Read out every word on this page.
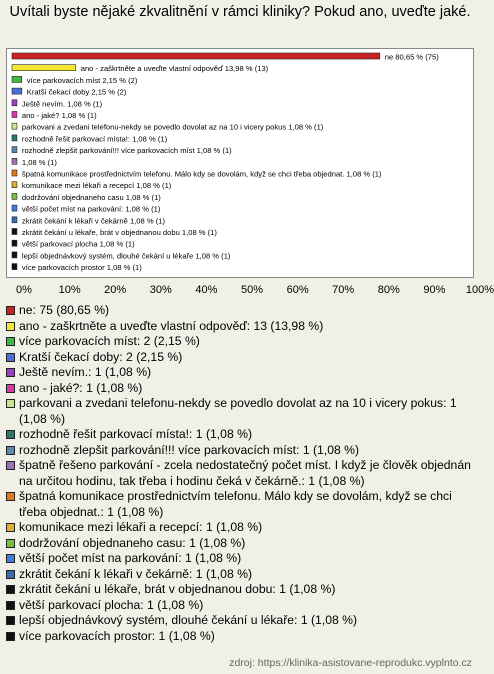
Uvítali byste nějaké zkvalitnění v rámci kliniky? Pokud ano, uveďte jaké.
ne 80,65 % (75)
ano - zaškrtněte a uveďte vlastní odpověď 13,98 % (13)
více parkovacích míst 2,15 % (2)
Kratší čekací doby 2,15 % (2)
Ještě nevím. 1,08 % (1)
ano - jaké? 1,08 % (1)
parkovani a zvedani telefonu-nekdy se povedlo dovolat az na 10 i vicery pokus 1,08 % (1)
rozhodně řešit parkovací místa!: 1,08 % (1)
rozhodně zlepšit parkování!!! více parkovacích míst 1,08 % (1)
1,08 % (1)
špatná komunikace prostřednictvím telefonu. Málo kdy se dovolám, když se chci třeba objednat. 1,08 % (1)
komunikace mezi lékaři a recepcí 1,08 % (1)
dodržování objednaneho casu 1,08 % (1)
větší počet míst na parkování: 1,08 % (1)
zkrátit čekání k lékaři v čekárně 1,08 % (1)
zkrátit čekání u lékaře, brát v objednanou dobu 1,08 % (1)
větší parkovací plocha 1,08 % (1)
lepší objednávkový systém, dlouhé čekání u lékaře 1,08 % (1)
více parkovacích prostor 1,08 % (1)
0% 10% 20% 30% 40% 50% 60% 70% 80% 90% 100%
ne: 75 (80,65 %)
ano - zaškrtněte a uveďte vlastní odpověď: 13 (13,98 %)
více parkovacích míst: 2 (2,15 %)
Kratší čekací doby: 2 (2,15 %)
Ještě nevím.: 1 (1,08 %)
ano - jaké?: 1 (1,08 %)
parkovani a zvedani telefonu-nekdy se povedlo dovolat az na 10 i vicery pokus: 1 (1,08 %)
rozhodně řešit parkovací místa!: 1 (1,08 %)
rozhodně zlepšit parkování!!! více parkovacích míst: 1 (1,08 %)
špatně řešeno parkování - zcela nedostatečný počet míst. I když je člověk objednán na určitou hodinu, tak třeba i hodinu čeká v čekárně.: 1 (1,08 %)
špatná komunikace prostřednictvím telefonu. Málo kdy se dovolám, když se chci třeba objednat.: 1 (1,08 %)
komunikace mezi lékaři a recepcí: 1 (1,08 %)
dodržování objednaneho casu: 1 (1,08 %)
větší počet míst na parkování: 1 (1,08 %)
zkrátit čekání k lékaři v čekárně: 1 (1,08 %)
zkrátit čekání u lékaře, brát v objednanou dobu: 1 (1,08 %)
větší parkovací plocha: 1 (1,08 %)
lepší objednávkový systém, dlouhé čekání u lékaře: 1 (1,08 %)
více parkovacích prostor: 1 (1,08 %)
zdroj: https://klinika-asistovane-reprodukc.vyplnto.cz
